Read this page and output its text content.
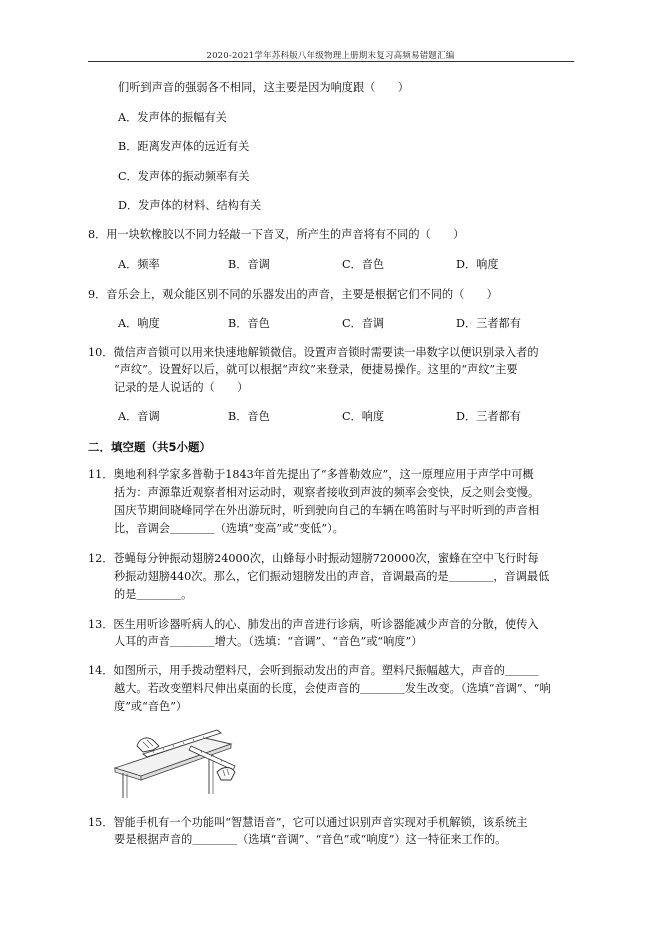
2020-2021学年苏科版八年级物理上册期末复习高频易错题汇编
们听到声音的强弱各不相同，这主要是因为响度跟（　　）
A．发声体的振幅有关
B．距离发声体的远近有关
C．发声体的振动频率有关
D．发声体的材料、结构有关
8．用一块软橡胶以不同力轻敲一下音叉，所产生的声音将有不同的（　　）
A．频率	B．音调	C．音色	D．响度
9．音乐会上，观众能区别不同的乐器发出的声音，主要是根据它们不同的（　　）
A．响度	B．音色	C．音调	D．三者都有
10．微信声音锁可以用来快速地解锁微信。设置声音锁时需要读一串数字以便识别录入者的
“声纹”。设置好以后，就可以根据“声纹”来登录，便捷易操作。这里的“声纹”主要
记录的是人说话的（　　）
A．音调	B．音色	C．响度	D．三者都有
二．填空题（共5小题）
11．奥地利科学家多普勒于1843年首先提出了“多普勒效应”，这一原理应用于声学中可概
括为：声源靠近观察者相对运动时，观察者接收到声波的频率会变快，反之则会变慢。
国庆节期间晓峰同学在外出游玩时，听到驶向自己的车辆在鸣笛时与平时听到的声音相
比，音调会＿＿＿＿（选填“变高”或“变低”）。
12．苍蝇每分钟振动翅膀24000次，山蜂每小时振动翅膀720000次，蜜蜂在空中飞行时每
秒振动翅膀440次。那么，它们振动翅膀发出的声音，音调最高的是＿＿＿＿，音调最低
的是＿＿＿＿。
13．医生用听诊器听病人的心、肺发出的声音进行诊病，听诊器能减少声音的分散，使传入
人耳的声音＿＿＿＿增大。（选填：“音调”、“音色”或“响度”）
14．如图所示，用手拨动塑料尺，会听到振动发出的声音。塑料尺振幅越大，声音的＿＿＿
越大。若改变塑料尺伸出桌面的长度，会使声音的＿＿＿＿发生改变。（选填“音调”、“响
度”或“音色”）
15．智能手机有一个功能叫“智慧语音”，它可以通过识别声音实现对手机解锁，该系统主
要是根据声音的＿＿＿＿（选填“音调”、“音色”或“响度”）这一特征来工作的。
